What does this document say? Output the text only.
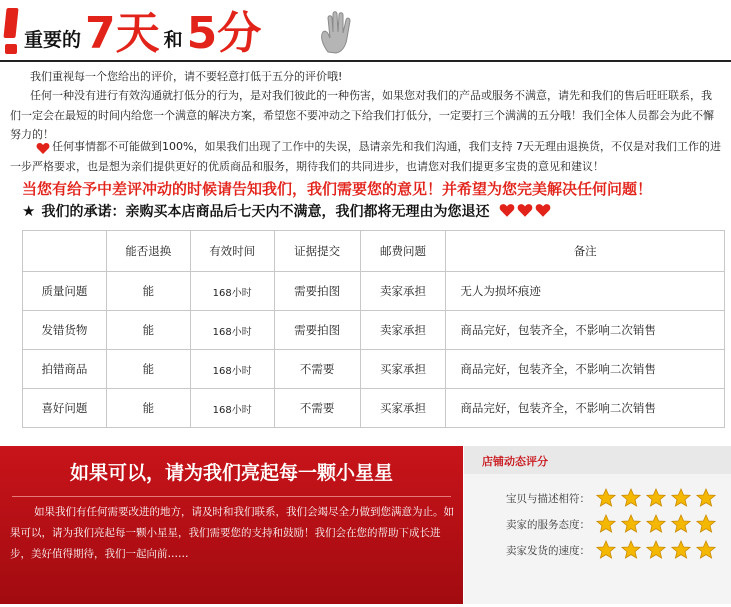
重要的 7天 和 5分
我们重视每一个您给出的评价，请不要轻意打低于五分的评价哦!
任何一种没有进行有效沟通就打低分的行为，是对我们彼此的一种伤害，如果您对我们的产品或服务不满意，请先和我们的售后旺旺联系，我们一定会在最短的时间内给您一个满意的解决方案，希望您不要冲动之下给我们打低分，一定要打三个满满的五分哦！我们全体人员都会为此不懈努力的！
任何事情都不可能做到100%，如果我们出现了工作中的失误，恳请亲先和我们沟通，我们支持 7天无理由退换货，不仅是对我们工作的进一步严格要求，也是想为亲们提供更好的优质商品和服务，期待我们的共同进步，也请您对我们提更多宝贵的意见和建议！
当您有给予中差评冲动的时候请告知我们，我们需要您的意见！并希望为您完美解决任何问题！
★ 我们的承诺：亲购买本店商品后七天内不满意，我们都将无理由为您退还
	能否退换	有效时间	证据提交	邮费问题	备注
质量问题	能	168小时	需要拍图	卖家承担	无人为损坏痕迹
发错货物	能	168小时	需要拍图	卖家承担	商品完好，包装齐全，不影响二次销售
拍错商品	能	168小时	不需要	买家承担	商品完好，包装齐全，不影响二次销售
喜好问题	能	168小时	不需要	买家承担	商品完好，包装齐全，不影响二次销售
如果可以，请为我们亮起每一颗小星星
如果我们有任何需要改进的地方，请及时和我们联系，我们会竭尽全力做到您满意为止。如果可以，请为我们亮起每一颗小星星，我们需要您的支持和鼓励！我们会在您的帮助下成长进步，美好值得期待，我们一起向前……
店铺动态评分
宝贝与描述相符：
卖家的服务态度：
卖家发货的速度：
